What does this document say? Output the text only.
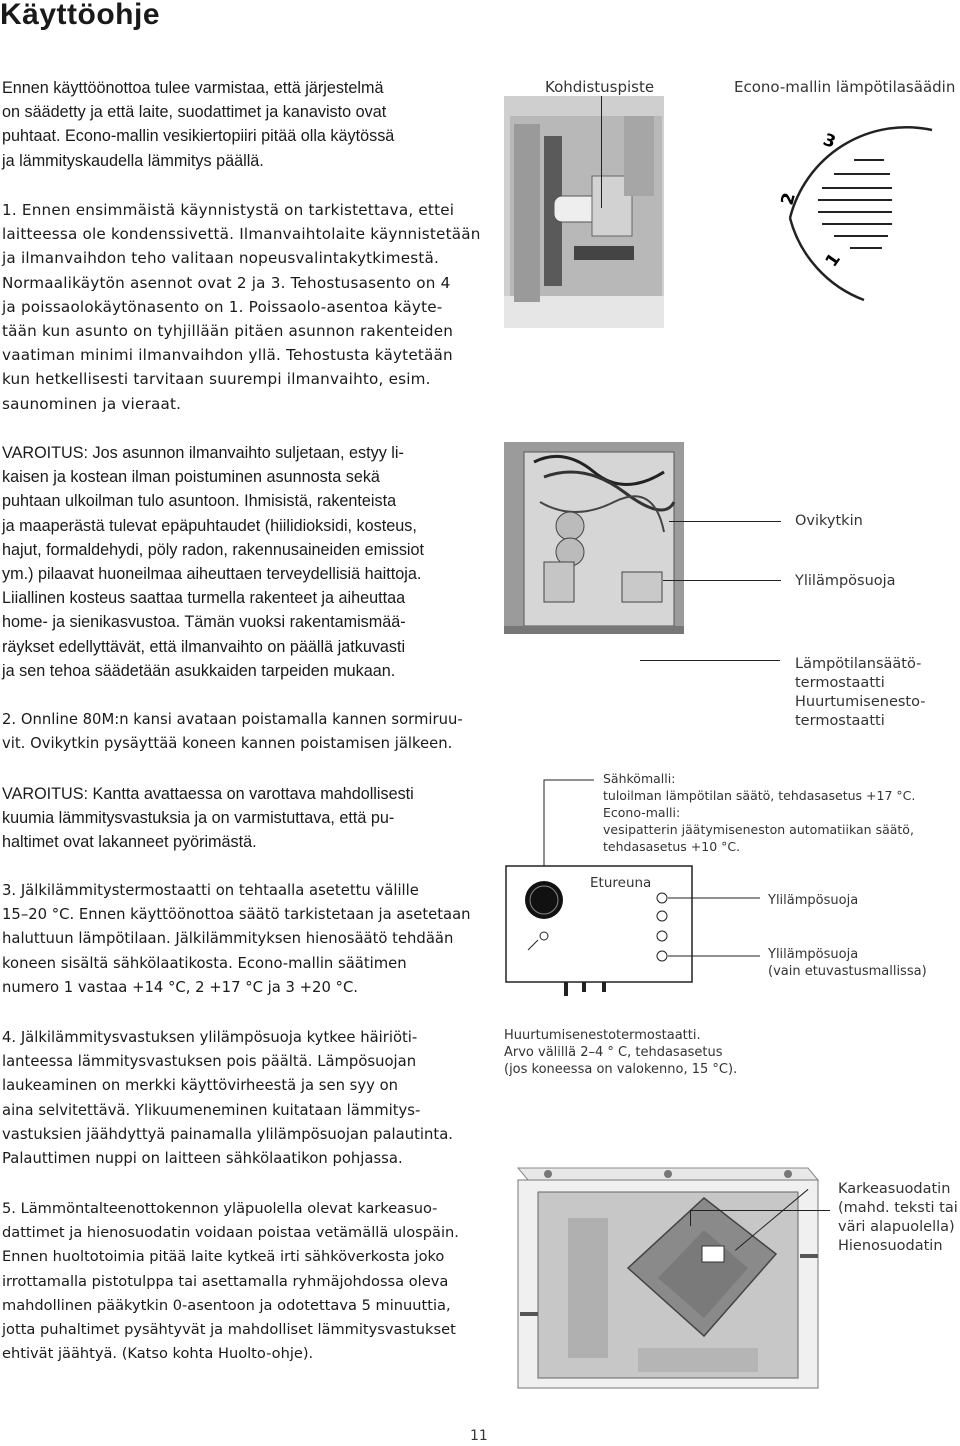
Käyttöohje
Ennen käyttöönottoa tulee varmistaa, että järjestelmä
on säädetty ja että laite, suodattimet ja kanavisto ovat
puhtaat. Econo-mallin vesikiertopiiri pitää olla käytössä
ja lämmityskaudella lämmitys päällä.
1. Ennen ensimmäistä käynnistystä on tarkistettava, ettei
laitteessa ole kondenssivettä. Ilmanvaihtolaite käynnistetään
ja ilmanvaihdon teho valitaan nopeusvalintakytkimestä.
Normaalikäytön asennot ovat 2 ja 3. Tehostusasento on 4
ja poissaolokäytönasento on 1. Poissaolo-asentoa käyte-
tään kun asunto on tyhjillään pitäen asunnon rakenteiden
vaatiman minimi ilmanvaihdon yllä. Tehostusta käytetään
kun hetkellisesti tarvitaan suurempi ilmanvaihto, esim.
saunominen ja vieraat.
VAROITUS: Jos asunnon ilmanvaihto suljetaan, estyy li-
kaisen ja kostean ilman poistuminen asunnosta sekä
puhtaan ulkoilman tulo asuntoon. Ihmisistä, rakenteista
ja maaperästä tulevat epäpuhtaudet (hiilidioksidi, kosteus,
hajut, formaldehydi, pöly radon, rakennusaineiden emissiot
ym.) pilaavat huoneilmaa aiheuttaen terveydellisiä haittoja.
Liiallinen kosteus saattaa turmella rakenteet ja aiheuttaa
home- ja sienikasvustoa. Tämän vuoksi rakentamismää-
räykset edellyttävät, että ilmanvaihto on päällä jatkuvasti
ja sen tehoa säädetään asukkaiden tarpeiden mukaan.
2. Onnline 80M:n kansi avataan poistamalla kannen sormiruu-
vit. Ovikytkin pysäyttää koneen kannen poistamisen jälkeen.
VAROITUS: Kantta avattaessa on varottava mahdollisesti
kuumia lämmitysvastuksia ja on varmistuttava, että pu-
haltimet ovat lakanneet pyörimästä.
3. Jälkilämmitystermostaatti on tehtaalla asetettu välille
15–20 °C. Ennen käyttöönottoa säätö tarkistetaan ja asetetaan
haluttuun lämpötilaan. Jälkilämmityksen hienosäätö tehdään
koneen sisältä sähkölaatikosta. Econo-mallin säätimen
numero 1 vastaa +14 °C, 2 +17 °C ja 3 +20 °C.
4. Jälkilämmitysvastuksen ylilämpösuoja kytkee häiriöti-
lanteessa lämmitysvastuksen pois päältä. Lämpösuojan
laukeaminen on merkki käyttövirheestä ja sen syy on
aina selvitettävä. Ylikuumeneminen kuitataan lämmitys-
vastuksien jäähdyttyä painamalla ylilämpösuojan palautinta.
Palauttimen nuppi on laitteen sähkölaatikon pohjassa.
5. Lämmöntalteenottokennon yläpuolella olevat karkeasuo-
dattimet ja hienosuodatin voidaan poistaa vetämällä ulospäin.
Ennen huoltotoimia pitää laite kytkeä irti sähköverkosta joko
irrottamalla pistotulppa tai asettamalla ryhmäjohdossa oleva
mahdollinen pääkytkin 0-asentoon ja odotettava 5 minuuttia,
jotta puhaltimet pysähtyvät ja mahdolliset lämmitysvastukset
ehtivät jäähtyä. (Katso kohta Huolto-ohje).
Kohdistuspiste	Econo-mallin lämpötilasäädin
1
2
3
Ovikytkin
Ylilämpösuoja
Lämpötilansäätö-
termostaatti
Huurtumisenesto-
termostaatti
Sähkömalli:
tuloilman lämpötilan säätö, tehdasasetus +17 °C.
Econo-malli:
vesipatterin jäätymiseneston automatiikan säätö,
tehdasasetus +10 °C.
Etureuna
Ylilämpösuoja
Ylilämpösuoja
(vain etuvastusmallissa)
Huurtumisenestotermostaatti.
Arvo välillä 2–4 ° C, tehdasasetus
(jos koneessa on valokenno, 15 °C).
Karkeasuodatin
(mahd. teksti tai
väri alapuolella)
Hienosuodatin
11
